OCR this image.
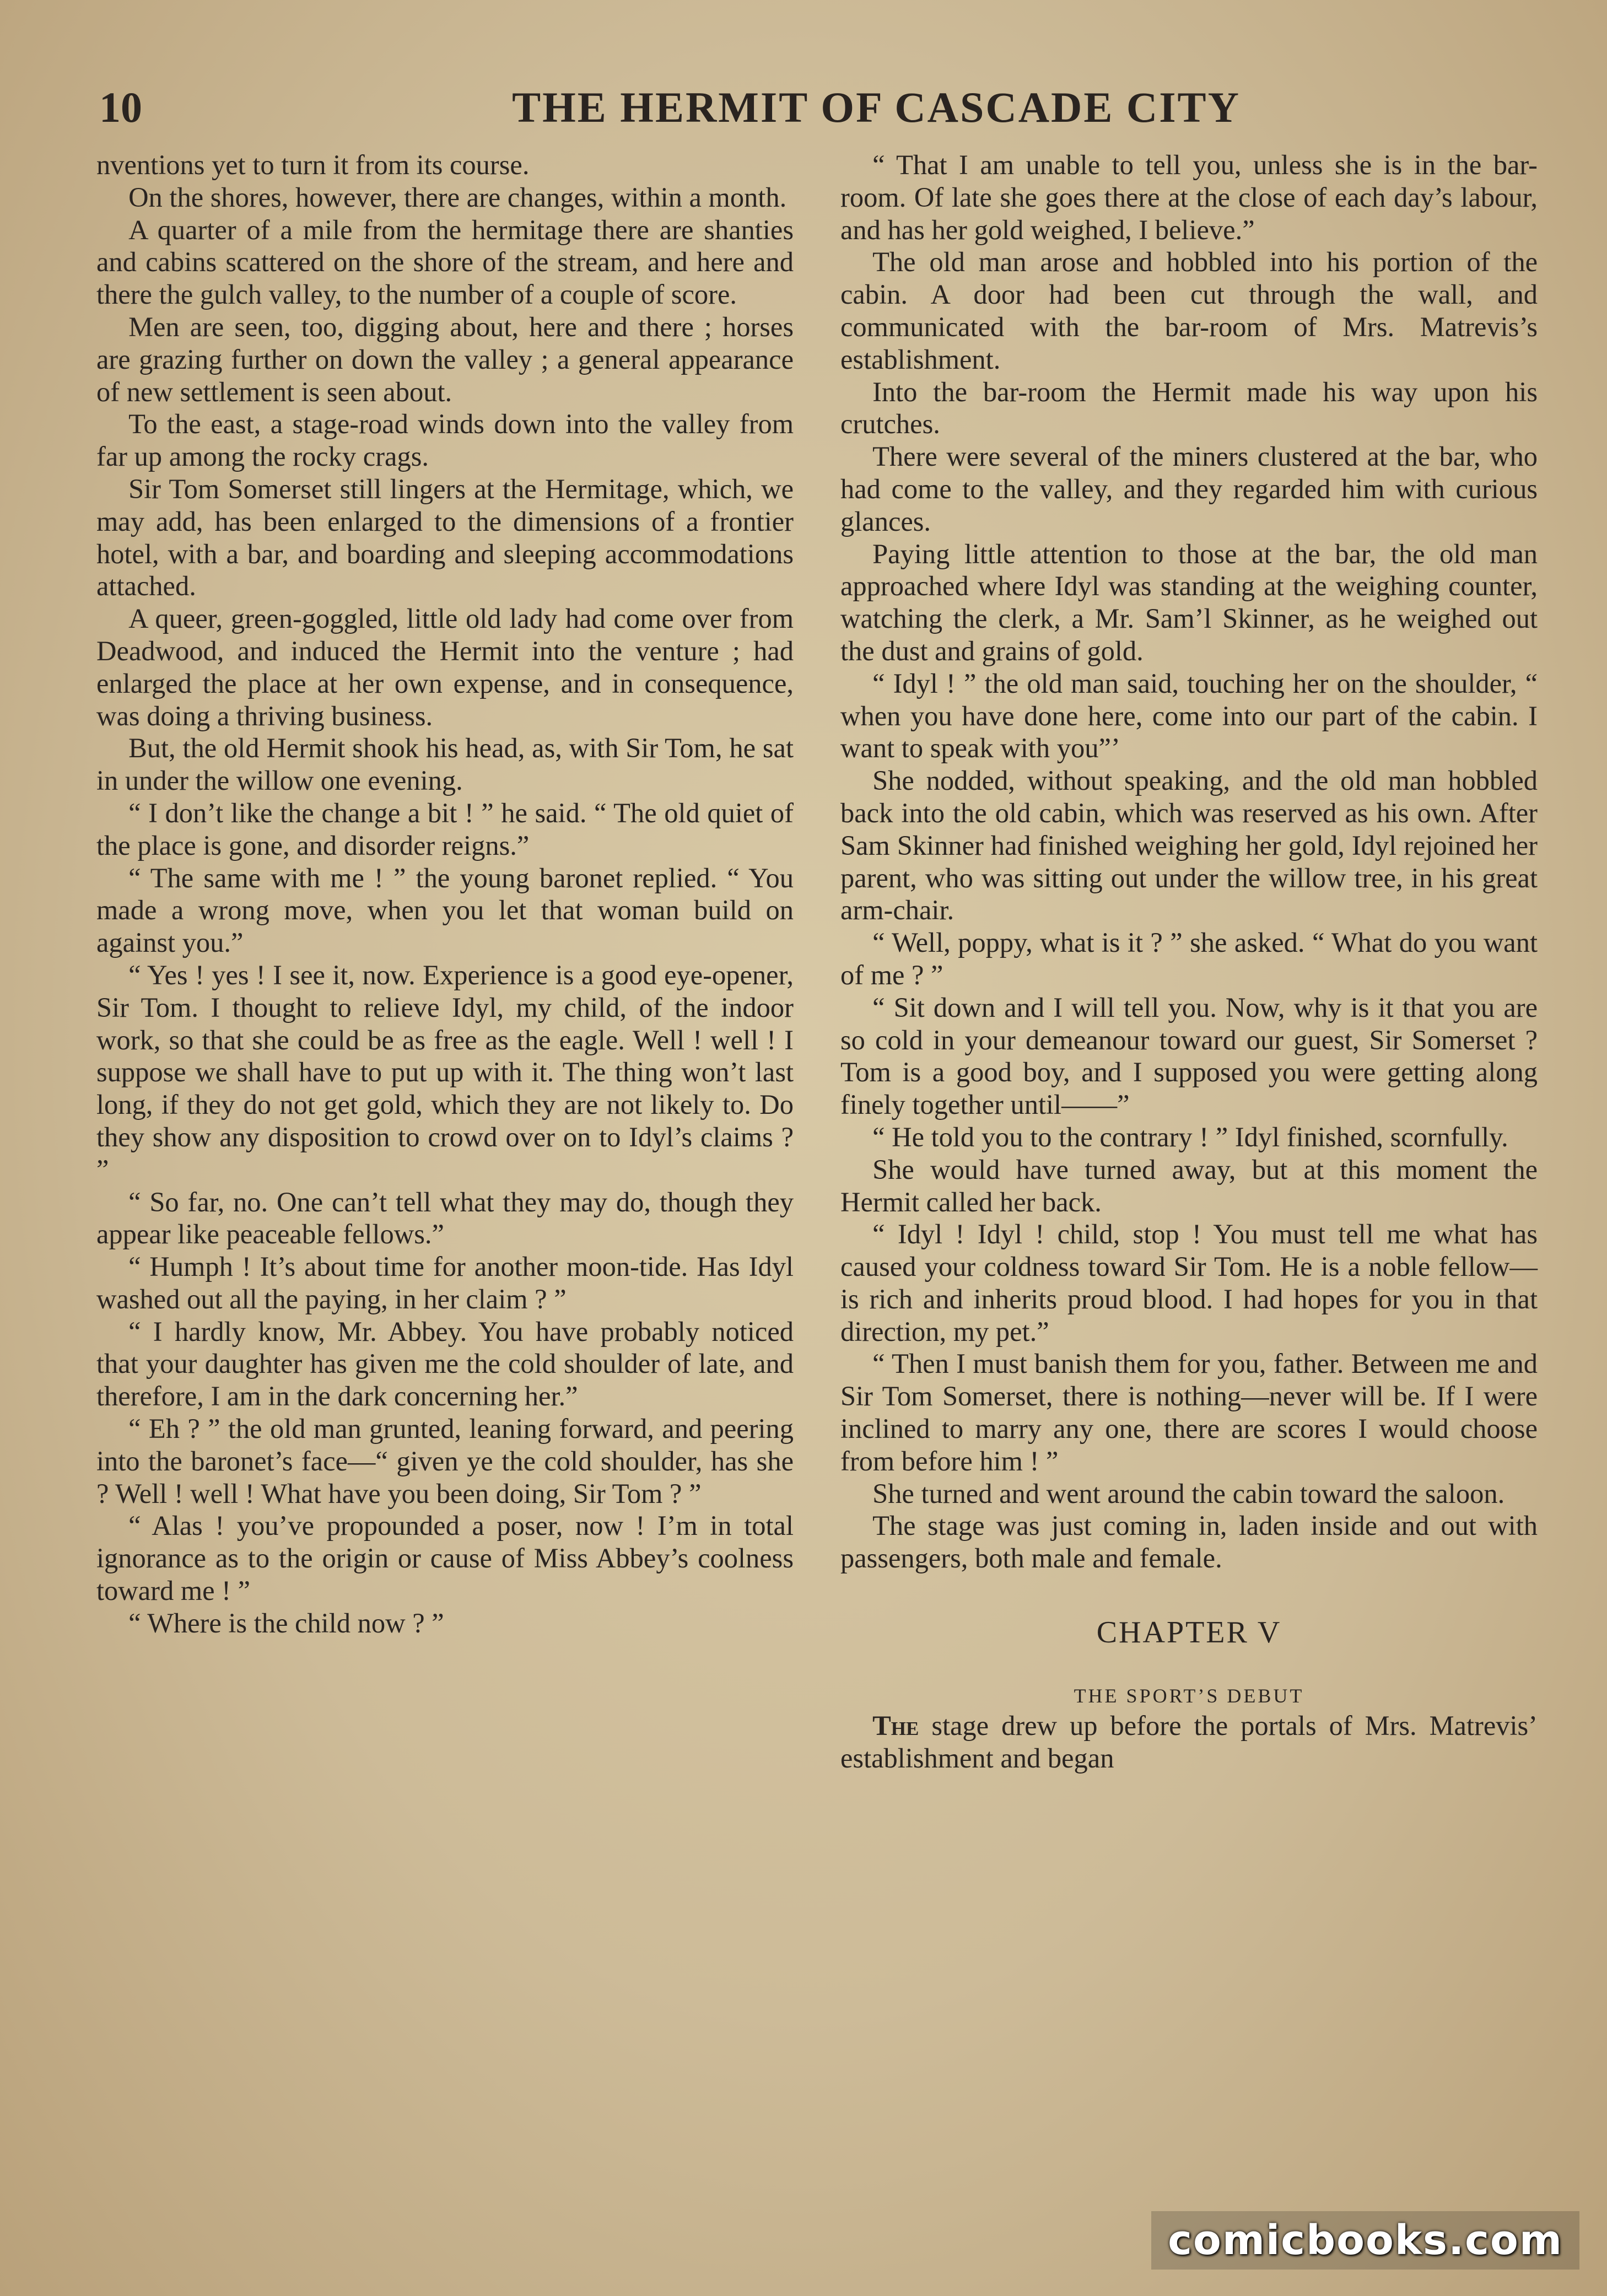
10	THE HERMIT OF CASCADE CITY

nventions yet to turn it from its course.

On the shores, however, there are changes, within a month.

A quarter of a mile from the hermitage there are shanties and cabins scattered on the shore of the stream, and here and there the gulch valley, to the number of a couple of score.

Men are seen, too, digging about, here and there ; horses are grazing further on down the valley ; a general appearance of new settlement is seen about.

To the east, a stage-road winds down into the valley from far up among the rocky crags.

Sir Tom Somerset still lingers at the Hermitage, which, we may add, has been enlarged to the dimensions of a frontier hotel, with a bar, and boarding and sleeping accommodations attached.

A queer, green-goggled, little old lady had come over from Deadwood, and induced the Hermit into the venture ; had enlarged the place at her own expense, and in consequence, was doing a thriving business.

But, the old Hermit shook his head, as, with Sir Tom, he sat in under the willow one evening.

“ I don’t like the change a bit ! ” he said. “ The old quiet of the place is gone, and disorder reigns.”

“ The same with me ! ” the young baronet replied. “ You made a wrong move, when you let that woman build on against you.”

“ Yes ! yes ! I see it, now. Experience is a good eye-opener, Sir Tom. I thought to relieve Idyl, my child, of the indoor work, so that she could be as free as the eagle. Well ! well ! I suppose we shall have to put up with it. The thing won’t last long, if they do not get gold, which they are not likely to. Do they show any disposition to crowd over on to Idyl’s claims ? ”

“ So far, no. One can’t tell what they may do, though they appear like peaceable fellows.”

“ Humph ! It’s about time for another moon-tide. Has Idyl washed out all the paying, in her claim ? ”

“ I hardly know, Mr. Abbey. You have probably noticed that your daughter has given me the cold shoulder of late, and therefore, I am in the dark concerning her.”

“ Eh ? ” the old man grunted, leaning forward, and peering into the baronet’s face—“ given ye the cold shoulder, has she ? Well ! well ! What have you been doing, Sir Tom ? ”

“ Alas ! you’ve propounded a poser, now ! I’m in total ignorance as to the origin or cause of Miss Abbey’s coolness toward me ! ”

“ Where is the child now ? ”

“ That I am unable to tell you, unless she is in the bar-room. Of late she goes there at the close of each day’s labour, and has her gold weighed, I believe.”

The old man arose and hobbled into his portion of the cabin. A door had been cut through the wall, and communicated with the bar-room of Mrs. Matrevis’s establishment.

Into the bar-room the Hermit made his way upon his crutches.

There were several of the miners clustered at the bar, who had come to the valley, and they regarded him with curious glances.

Paying little attention to those at the bar, the old man approached where Idyl was standing at the weighing counter, watching the clerk, a Mr. Sam’l Skinner, as he weighed out the dust and grains of gold.

“ Idyl ! ” the old man said, touching her on the shoulder, “ when you have done here, come into our part of the cabin. I want to speak with you”’

She nodded, without speaking, and the old man hobbled back into the old cabin, which was reserved as his own. After Sam Skinner had finished weighing her gold, Idyl rejoined her parent, who was sitting out under the willow tree, in his great arm-chair.

“ Well, poppy, what is it ? ” she asked. “ What do you want of me ? ”

“ Sit down and I will tell you. Now, why is it that you are so cold in your demeanour toward our guest, Sir Somerset ? Tom is a good boy, and I supposed you were getting along finely together until——”

“ He told you to the contrary ! ” Idyl finished, scornfully.

She would have turned away, but at this moment the Hermit called her back.

“ Idyl ! Idyl ! child, stop ! You must tell me what has caused your coldness toward Sir Tom. He is a noble fellow—is rich and inherits proud blood. I had hopes for you in that direction, my pet.”

“ Then I must banish them for you, father. Between me and Sir Tom Somerset, there is nothing—never will be. If I were inclined to marry any one, there are scores I would choose from before him ! ”

She turned and went around the cabin toward the saloon.

The stage was just coming in, laden inside and out with passengers, both male and female.

CHAPTER V
THE SPORT’S DEBUT

The stage drew up before the portals of Mrs. Matrevis’ establishment and began

comicbooks.com
